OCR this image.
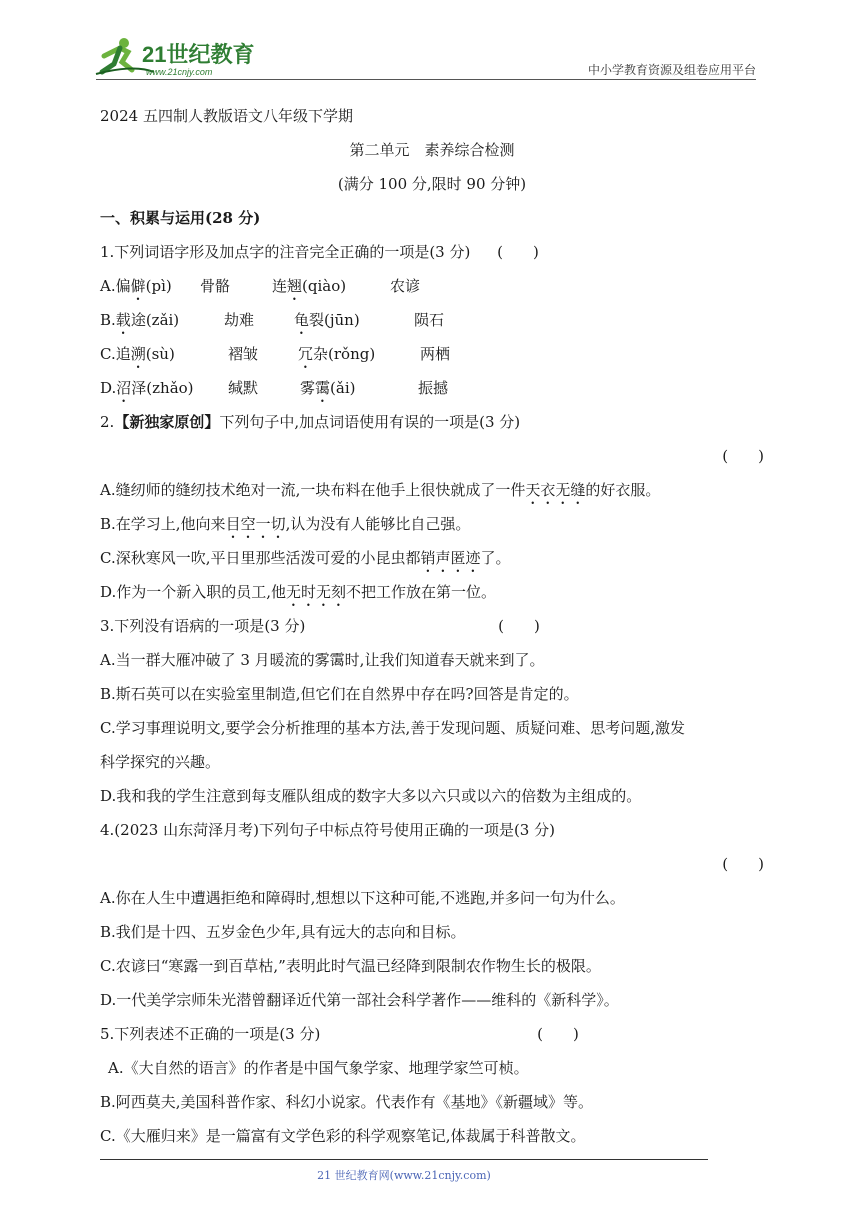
21世纪教育
www.21cnjy.com	中小学教育资源及组卷应用平台
2024 五四制人教版语文八年级下学期
第二单元　素养综合检测
(满分 100 分,限时 90 分钟)
一、积累与运用(28 分)
1.下列词语字形及加点字的注音完全正确的一项是(3 分) (　　)
A.偏僻(pì) 骨骼	连翘(qiào)	农谚
B.载途(zǎi)	劫难	龟裂(jūn)	陨石
C.追溯(sù)	褶皱	冗杂(rǒng)	两栖
D.沼泽(zhǎo) 缄默	雾霭(ǎi)	振撼
2.【新独家原创】下列句子中,加点词语使用有误的一项是(3 分)
(　　)
A.缝纫师的缝纫技术绝对一流,一块布料在他手上很快就成了一件天衣无缝的好衣服。
B.在学习上,他向来目空一切,认为没有人能够比自己强。
C.深秋寒风一吹,平日里那些活泼可爱的小昆虫都销声匿迹了。
D.作为一个新入职的员工,他无时无刻不把工作放在第一位。
3.下列没有语病的一项是(3 分)	(　　)
A.当一群大雁冲破了 3 月暖流的雾霭时,让我们知道春天就来到了。
B.斯石英可以在实验室里制造,但它们在自然界中存在吗?回答是肯定的。
C.学习事理说明文,要学会分析推理的基本方法,善于发现问题、质疑问难、思考问题,激发
科学探究的兴趣。
D.我和我的学生注意到每支雁队组成的数字大多以六只或以六的倍数为主组成的。
4.(2023 山东菏泽月考)下列句子中标点符号使用正确的一项是(3 分)
(　　)
A.你在人生中遭遇拒绝和障碍时,想想以下这种可能,不逃跑,并多问一句为什么。
B.我们是十四、五岁金色少年,具有远大的志向和目标。
C.农谚曰“寒露一到百草枯,”表明此时气温已经降到限制农作物生长的极限。
D.一代美学宗师朱光潜曾翻译近代第一部社会科学著作——维科的《新科学》。
5.下列表述不正确的一项是(3 分)	(　　)
A.《大自然的语言》的作者是中国气象学家、地理学家竺可桢。
B.阿西莫夫,美国科普作家、科幻小说家。代表作有《基地》《新疆域》等。
C.《大雁归来》是一篇富有文学色彩的科学观察笔记,体裁属于科普散文。
21 世纪教育网(www.21cnjy.com)
